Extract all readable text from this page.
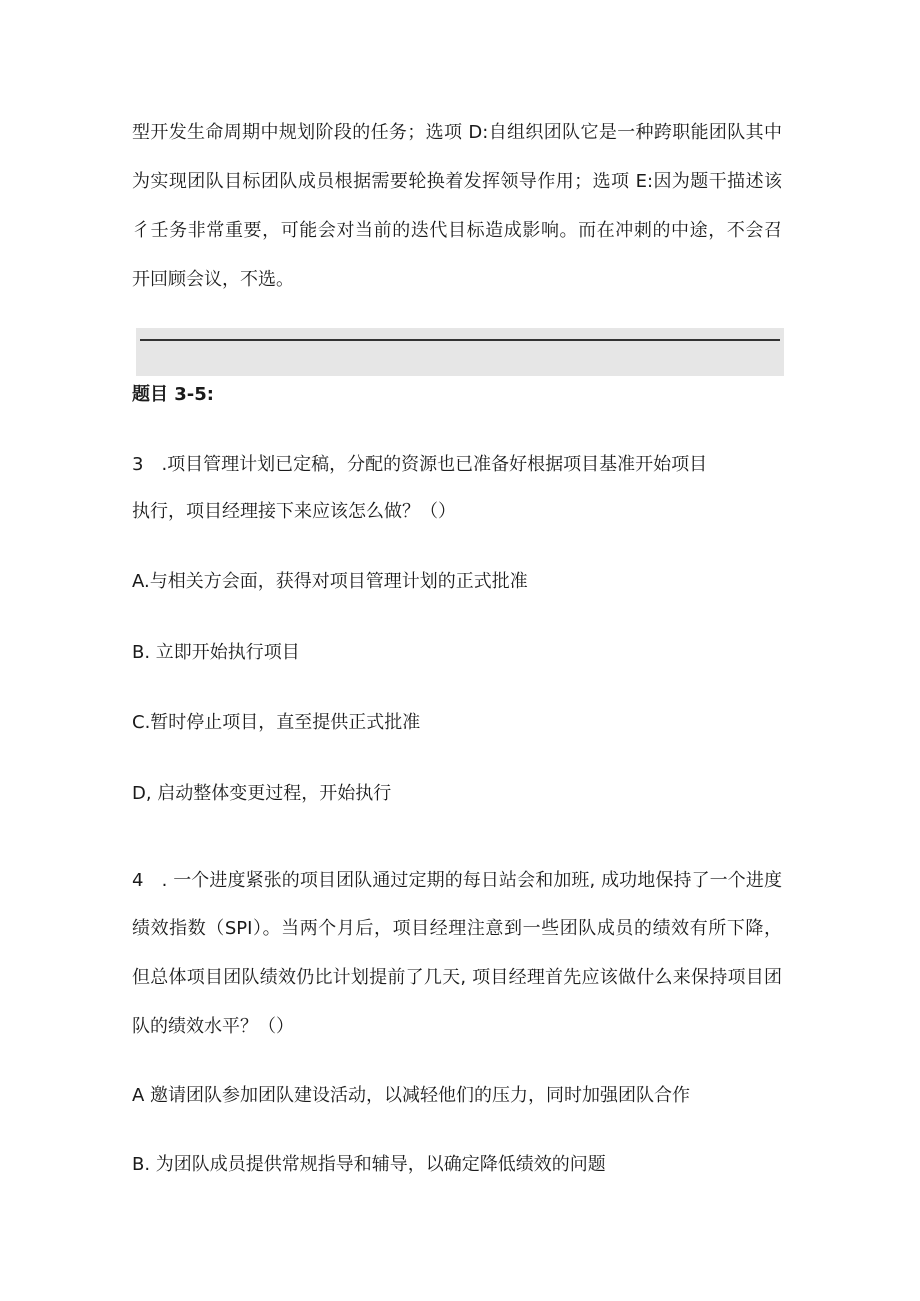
型开发生命周期中规划阶段的任务；选项 D:自组织团队它是一种跨职能团队其中
为实现团队目标团队成员根据需要轮换着发挥领导作用；选项 E:因为题干描述该
彳壬务非常重要，可能会对当前的迭代目标造成影响。而在冲刺的中途，不会召
开回顾会议，不选。
题目 3-5:
3　.项目管理计划已定稿，分配的资源也已准备好根据项目基准开始项目
执行，项目经理接下来应该怎么做？（）
A.与相关方会面，获得对项目管理计划的正式批准
B. 立即开始执行项目
C.暂时停止项目，直至提供正式批准
D, 启动整体变更过程，开始执行
4　. 一个进度紧张的项目团队通过定期的每日站会和加班, 成功地保持了一个进度
绩效指数（SPI）。当两个月后，项目经理注意到一些团队成员的绩效有所下降，
但总体项目团队绩效仍比计划提前了几天, 项目经理首先应该做什么来保持项目团
队的绩效水平？（）
A 邀请团队参加团队建设活动，以减轻他们的压力，同时加强团队合作
B. 为团队成员提供常规指导和辅导，以确定降低绩效的问题
